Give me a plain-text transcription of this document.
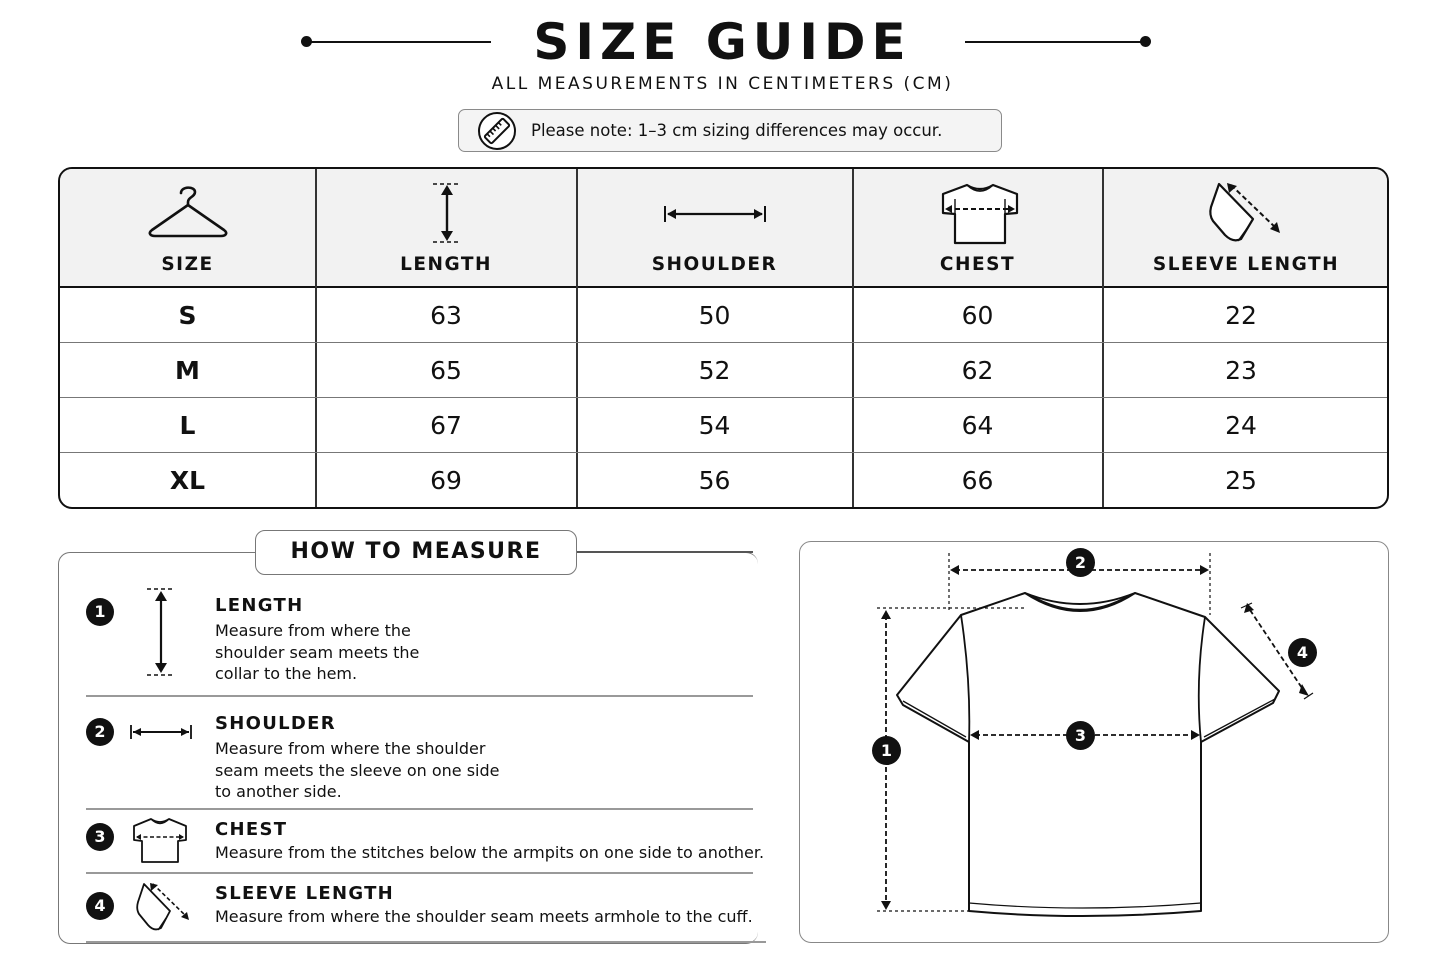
SIZE GUIDE
ALL MEASUREMENTS IN CENTIMETERS (CM)
Please note: 1–3 cm sizing differences may occur.
SIZE	LENGTH	SHOULDER	CHEST	SLEEVE LENGTH
S	63	50	60	22
M	65	52	62	23
L	67	54	64	24
XL	69	56	66	25
HOW TO MEASURE
1	LENGTH
Measure from where the
shoulder seam meets the
collar to the hem.
2	SHOULDER
Measure from where the shoulder
seam meets the sleeve on one side
to another side.
3	CHEST
Measure from the stitches below the armpits on one side to another.
4
SLEEVE LENGTH
Measure from where the shoulder seam meets armhole to the cuff.
2
1
3
4
